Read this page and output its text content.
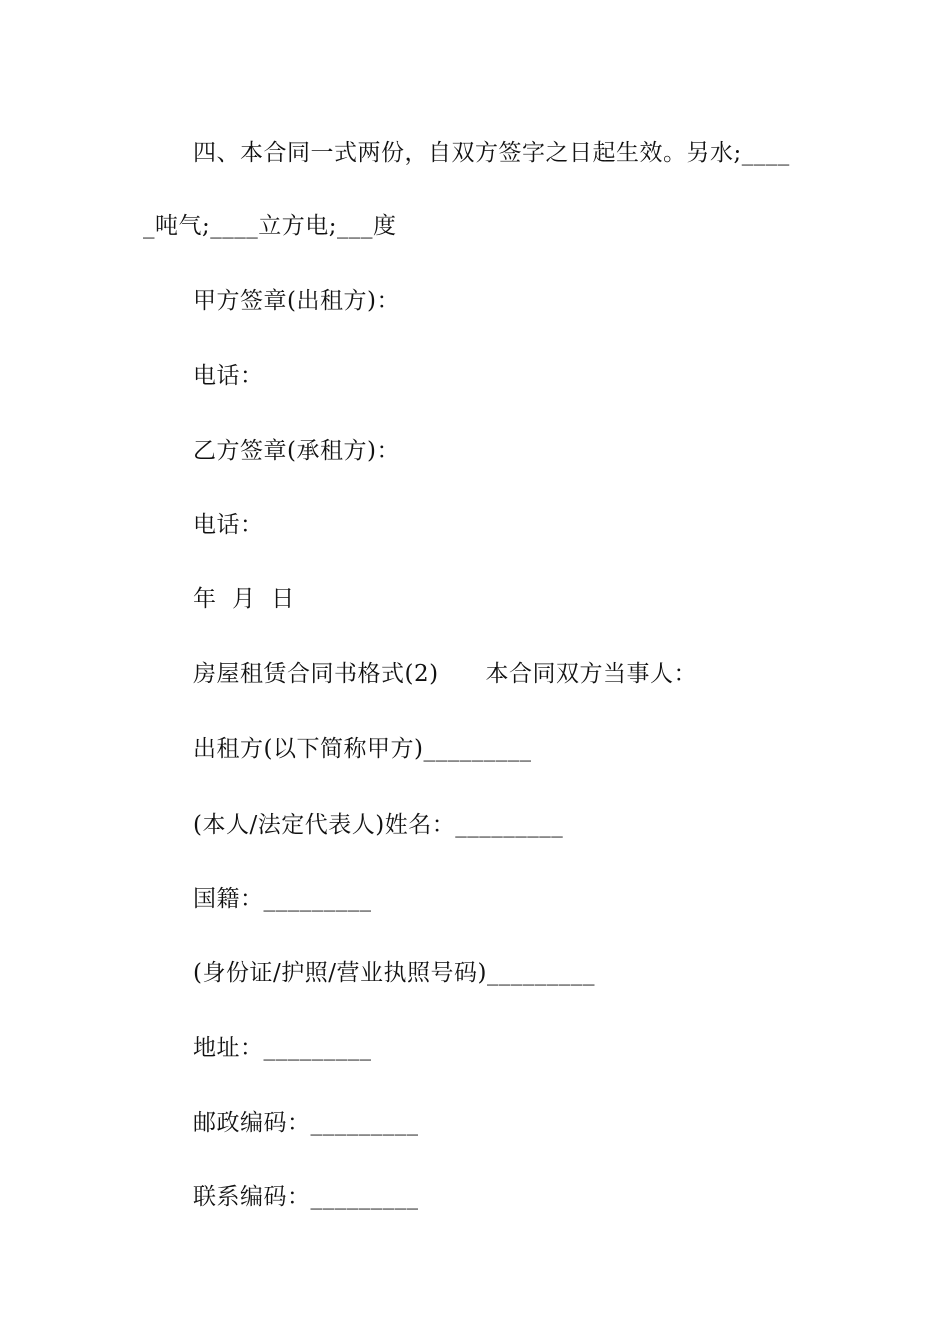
四、本合同一式两份，自双方签字之日起生效。另水;____
_吨气;____立方电;___度
甲方签章(出租方)：
电话：
乙方签章(承租方)：
电话：
年  月  日
房屋租赁合同书格式(2)      本合同双方当事人：
出租方(以下简称甲方)_________
(本人/法定代表人)姓名：_________
国籍：_________
(身份证/护照/营业执照号码)_________
地址：_________
邮政编码：_________
联系编码：_________
